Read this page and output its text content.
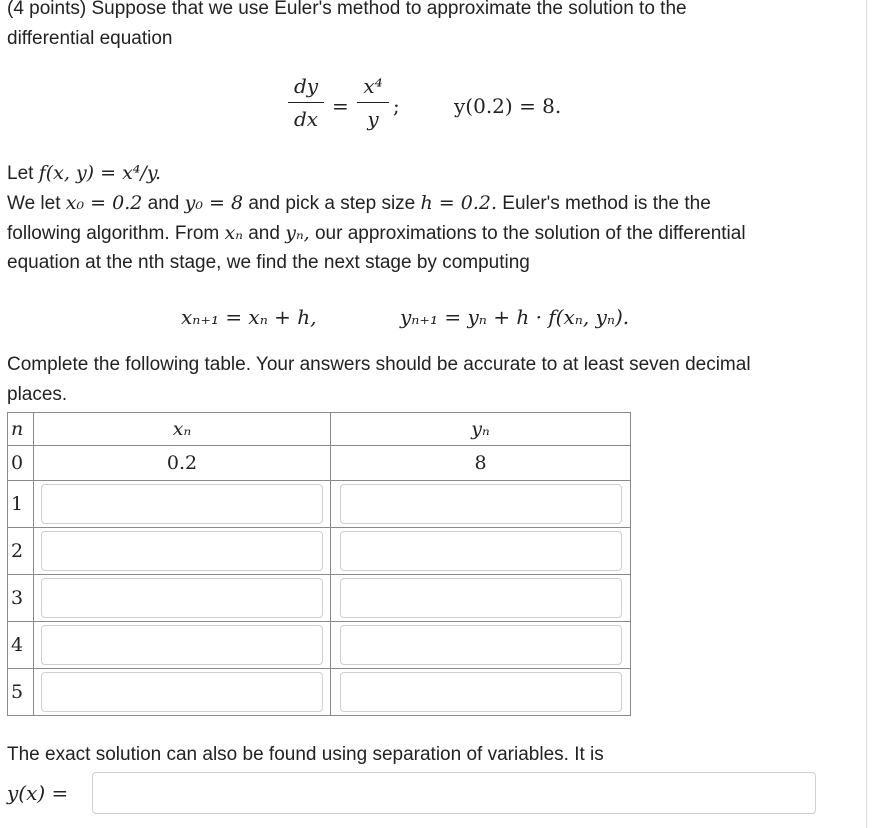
(4 points) Suppose that we use Euler's method to approximate the solution to the
differential equation
dy
dx
=
x⁴
y
;	y(0.2) = 8.
Let f(x, y) = x⁴/y.
We let x₀ = 0.2 and y₀ = 8 and pick a step size h = 0.2. Euler's method is the the
following algorithm. From xₙ and yₙ, our approximations to the solution of the differential
equation at the nth stage, we find the next stage by computing
xₙ₊₁ = xₙ + h,	yₙ₊₁ = yₙ + h · f(xₙ, yₙ).
Complete the following table. Your answers should be accurate to at least seven decimal
places.
n	xₙ	yₙ
0	0.2	8
1	

2	

3	

4	

5	

The exact solution can also be found using separation of variables. It is
y(x) =
